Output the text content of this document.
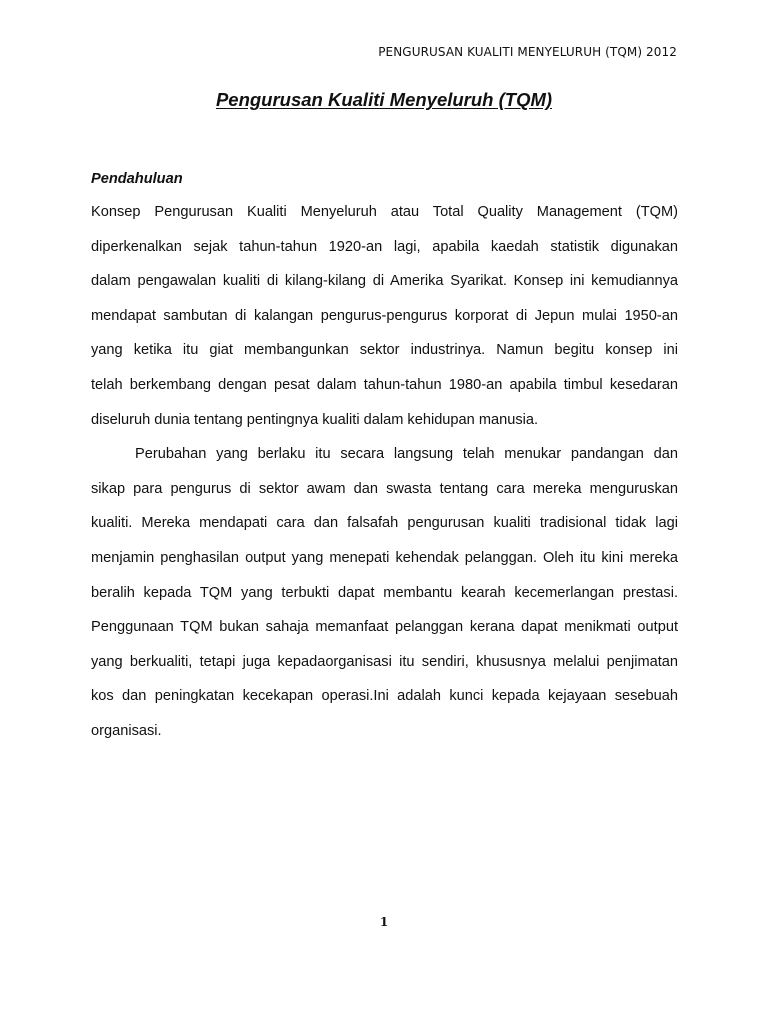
PENGURUSAN KUALITI MENYELURUH (TQM) 2012
Pengurusan Kualiti Menyeluruh (TQM)
Pendahuluan
Konsep Pengurusan Kualiti Menyeluruh atau Total Quality Management (TQM)
diperkenalkan sejak tahun-tahun 1920-an lagi, apabila kaedah statistik digunakan
dalam pengawalan kualiti di kilang-kilang di Amerika Syarikat. Konsep ini kemudiannya
mendapat sambutan di kalangan pengurus-pengurus korporat di Jepun mulai 1950-an
yang ketika itu giat membangunkan sektor industrinya. Namun begitu konsep ini
telah berkembang dengan pesat dalam tahun-tahun 1980-an apabila timbul kesedaran
diseluruh dunia tentang pentingnya kualiti dalam kehidupan manusia.
Perubahan yang berlaku itu secara langsung telah menukar pandangan dan
sikap para pengurus di sektor awam dan swasta tentang cara mereka menguruskan
kualiti. Mereka mendapati cara dan falsafah pengurusan kualiti tradisional tidak lagi
menjamin penghasilan output yang menepati kehendak pelanggan. Oleh itu kini mereka
beralih kepada TQM yang terbukti dapat membantu kearah kecemerlangan prestasi.
Penggunaan TQM bukan sahaja memanfaat pelanggan kerana dapat menikmati output
yang berkualiti, tetapi juga kepadaorganisasi itu sendiri, khususnya melalui penjimatan
kos dan peningkatan kecekapan operasi.Ini adalah kunci kepada kejayaan sesebuah
organisasi.
1
